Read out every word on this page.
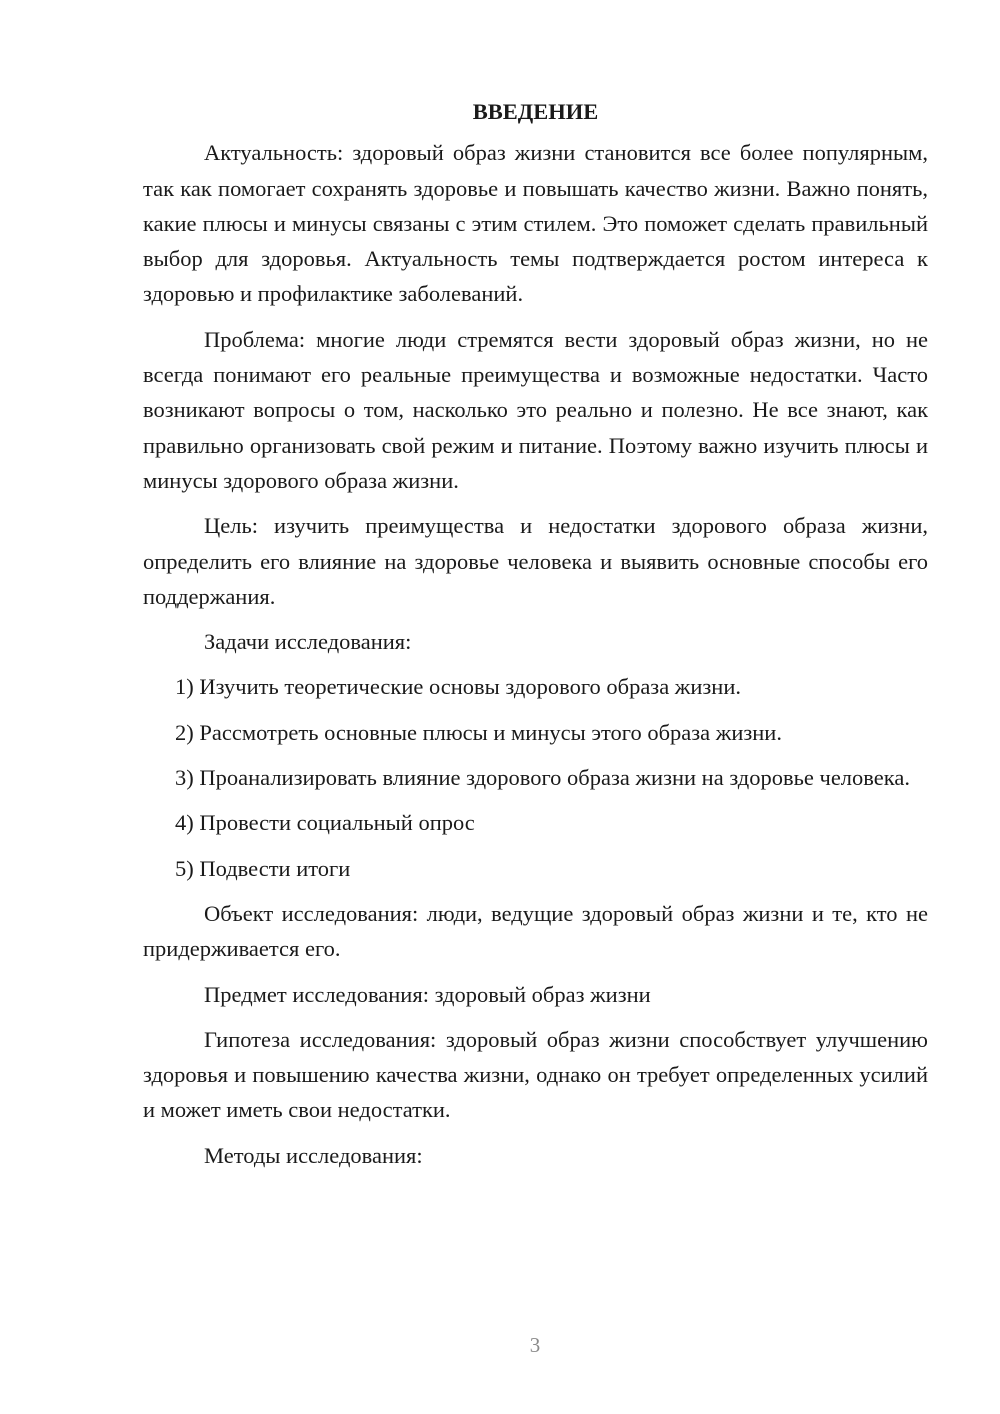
ВВЕДЕНИЕ

Актуальность: здоровый образ жизни становится все более популярным, так как помогает сохранять здоровье и повышать качество жизни. Важно понять, какие плюсы и минусы связаны с этим стилем. Это поможет сделать правильный выбор для здоровья. Актуальность темы подтверждается ростом интереса к здоровью и профилактике заболеваний.

Проблема: многие люди стремятся вести здоровый образ жизни, но не всегда понимают его реальные преимущества и возможные недостатки. Часто возникают вопросы о том, насколько это реально и полезно. Не все знают, как правильно организовать свой режим и питание. Поэтому важно изучить плюсы и минусы здорового образа жизни.

Цель: изучить преимущества и недостатки здорового образа жизни, определить его влияние на здоровье человека и выявить основные способы его поддержания.

Задачи исследования:

1) Изучить теоретические основы здорового образа жизни.

2) Рассмотреть основные плюсы и минусы этого образа жизни.

3) Проанализировать влияние здорового образа жизни на здоровье человека.

4) Провести социальный опрос

5) Подвести итоги

Объект исследования: люди, ведущие здоровый образ жизни и те, кто не придерживается его.

Предмет исследования: здоровый образ жизни

Гипотеза исследования: здоровый образ жизни способствует улучшению здоровья и повышению качества жизни, однако он требует определенных усилий и может иметь свои недостатки.

Методы исследования:

3
